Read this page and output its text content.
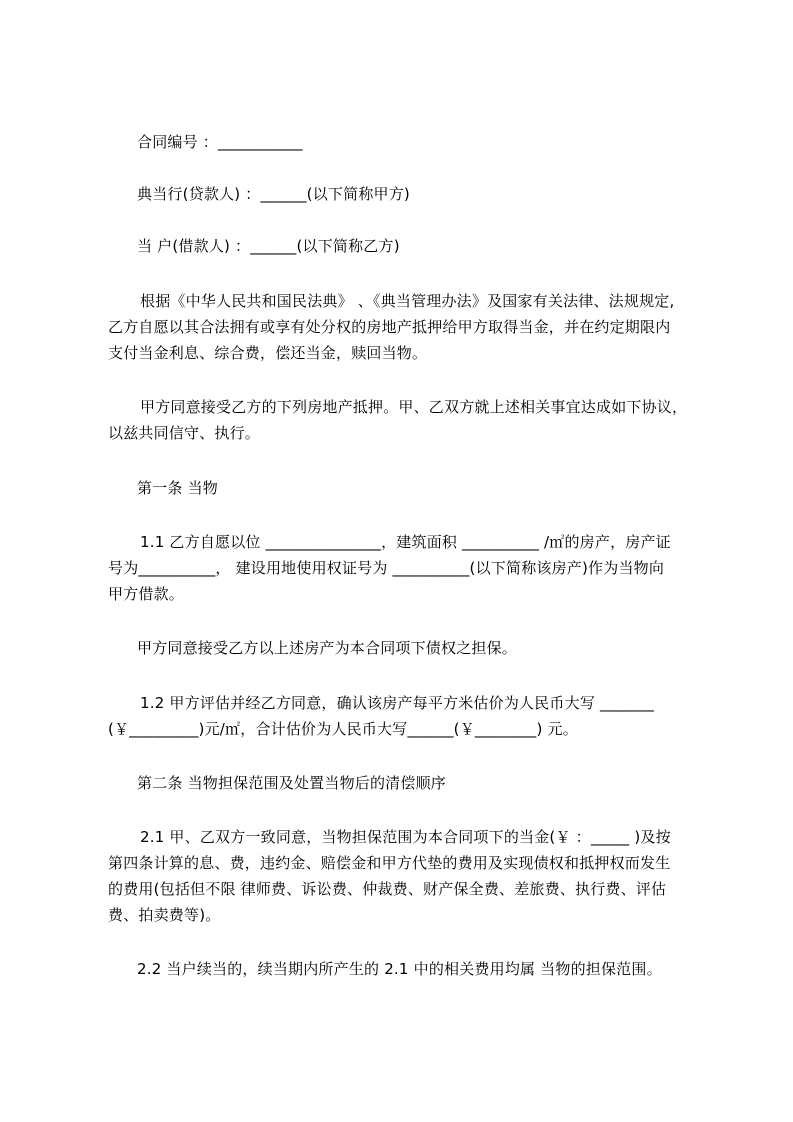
合同编号 ：___________
典当行(贷款人) ：______(以下简称甲方)
当 户(借款人) ：______(以下简称乙方)
根据《中华人民共和国民法典》 、《典当管理办法》及国家有关法律、法规规定,
乙方自愿以其合法拥有或享有处分权的房地产抵押给甲方取得当金，并在约定期限内
支付当金利息、综合费，偿还当金，赎回当物。
甲方同意接受乙方的下列房地产抵押。甲、乙双方就上述相关事宜达成如下协议，
以兹共同信守、执行。
第一条 当物
1.1 乙方自愿以位 _______________，建筑面积 __________ /㎡的房产，房产证
号为__________， 建设用地使用权证号为 __________(以下简称该房产)作为当物向
甲方借款。
甲方同意接受乙方以上述房产为本合同项下债权之担保。
1.2 甲方评估并经乙方同意，确认该房产每平方米估价为人民币大写 _______
(￥_________)元/㎡，合计估价为人民币大写______(￥________) 元。
第二条 当物担保范围及处置当物后的清偿顺序
2.1 甲、乙双方一致同意，当物担保范围为本合同项下的当金(￥ ：_____ )及按
第四条计算的息、费，违约金、赔偿金和甲方代垫的费用及实现债权和抵押权而发生
的费用(包括但不限 律师费、诉讼费、仲裁费、财产保全费、差旅费、执行费、评估
费、拍卖费等)。
2.2 当户续当的，续当期内所产生的 2.1 中的相关费用均属 当物的担保范围。
